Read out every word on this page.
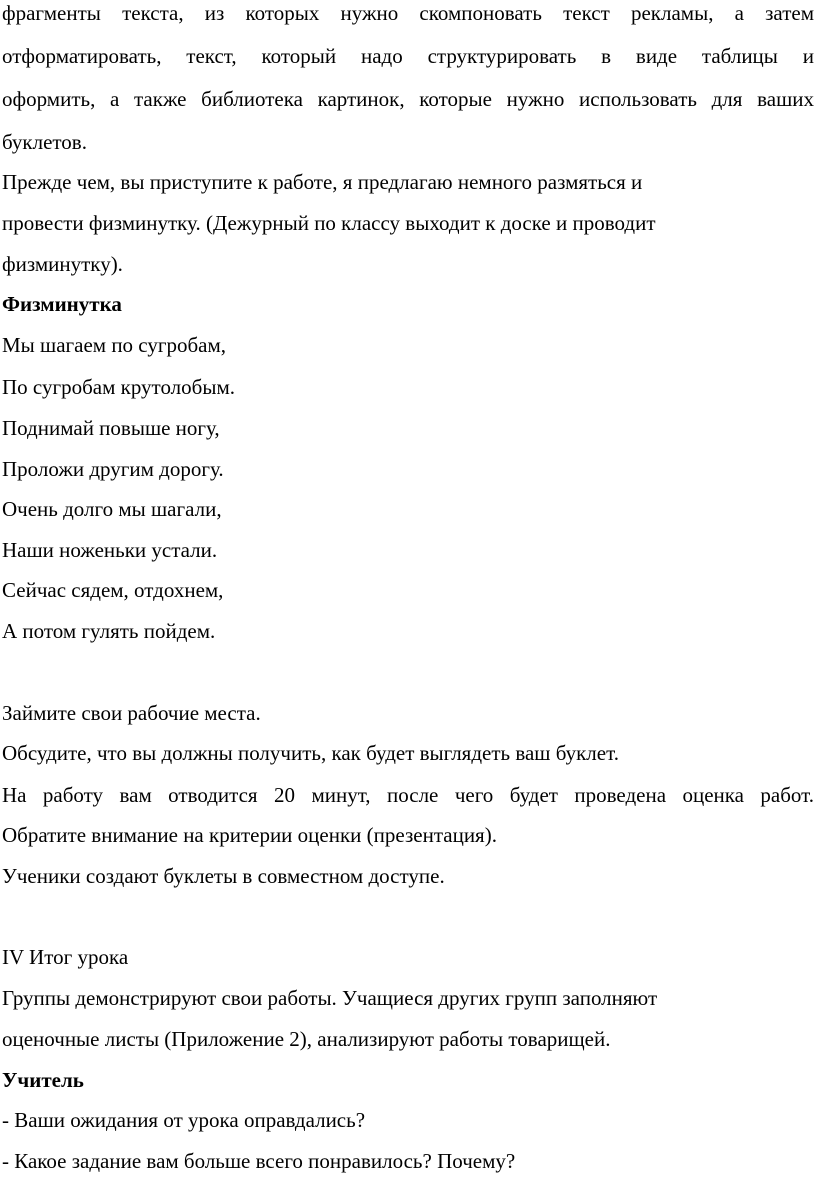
фрагменты текста, из которых нужно скомпоновать текст рекламы, а затем

отформатировать, текст, который надо структурировать в виде таблицы и

оформить, а также библиотека картинок, которые нужно использовать для ваших

буклетов.

Прежде чем, вы приступите к работе, я предлагаю немного размяться и

провести физминутку. (Дежурный по классу выходит к доске и проводит

физминутку).

Физминутка

Мы шагаем по сугробам,

По сугробам крутолобым.

Поднимай повыше ногу,

Проложи другим дорогу.

Очень долго мы шагали,

Наши ноженьки устали.

Сейчас сядем, отдохнем,

А потом гулять пойдем.

Займите свои рабочие места.

Обсудите, что вы должны получить, как будет выглядеть ваш буклет.

На работу вам отводится 20 минут, после чего будет проведена оценка работ.

Обратите внимание на критерии оценки (презентация).

Ученики создают буклеты в совместном доступе.

IV Итог урока

Группы демонстрируют свои работы. Учащиеся других групп заполняют

оценочные листы (Приложение 2), анализируют работы товарищей.

Учитель

- Ваши ожидания от урока оправдались?

- Какое задание вам больше всего понравилось? Почему?
